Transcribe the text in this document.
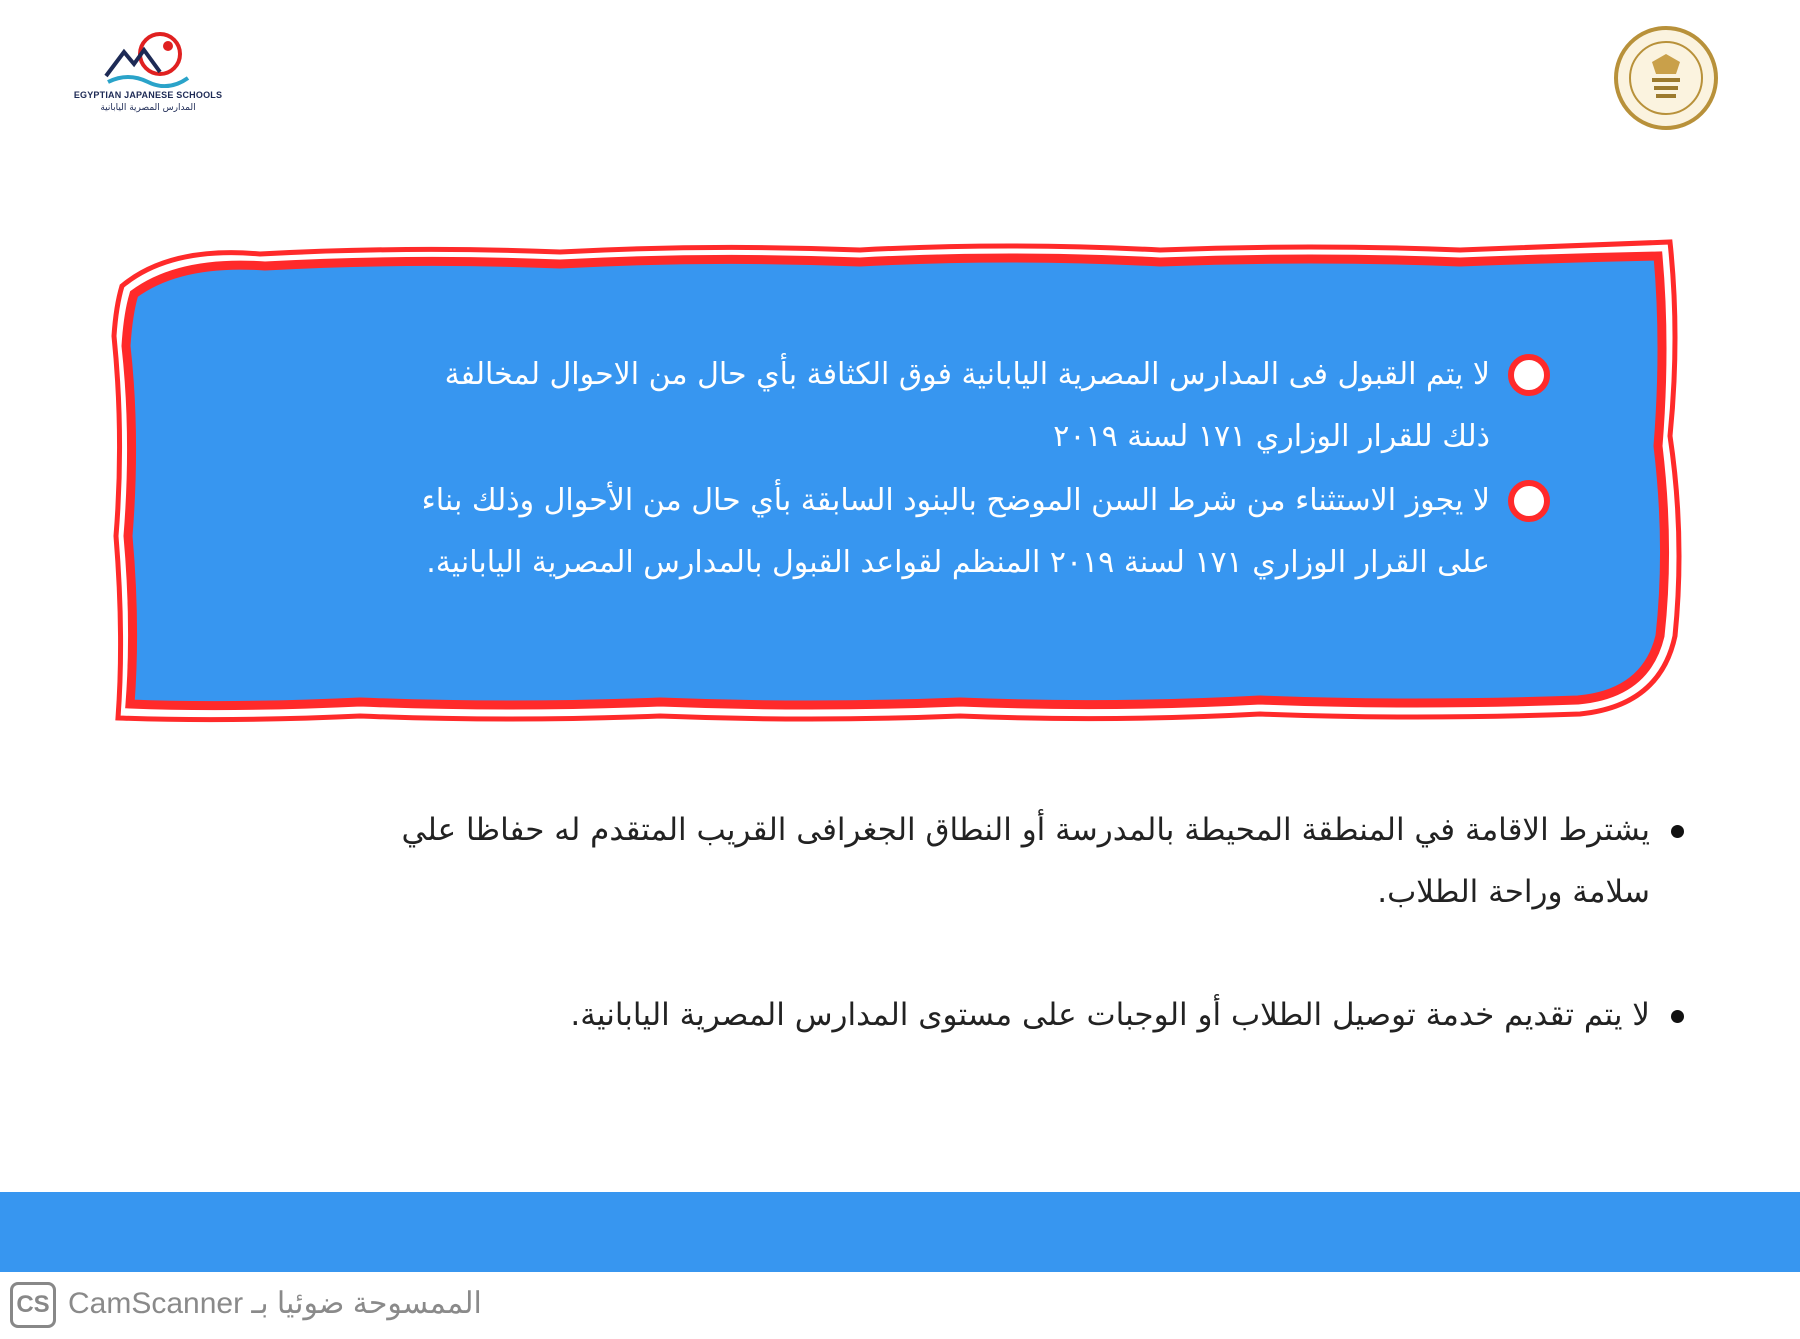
EGYPTIAN JAPANESE SCHOOLS
المدارس المصرية اليابانية
لا يتم القبول فى المدارس المصرية اليابانية فوق الكثافة بأي حال من الاحوال لمخالفة
ذلك للقرار الوزاري ١٧١ لسنة ٢٠١٩
لا يجوز الاستثناء من شرط السن الموضح بالبنود السابقة بأي حال من الأحوال وذلك بناء
على القرار الوزاري ١٧١ لسنة ٢٠١٩ المنظم لقواعد القبول بالمدارس المصرية اليابانية.
يشترط الاقامة في المنطقة المحيطة بالمدرسة أو النطاق الجغرافى القريب المتقدم له حفاظا علي
سلامة وراحة الطلاب.
لا يتم تقديم خدمة توصيل الطلاب أو الوجبات على مستوى المدارس المصرية اليابانية.
CS CamScanner الممسوحة ضوئيا بـ
